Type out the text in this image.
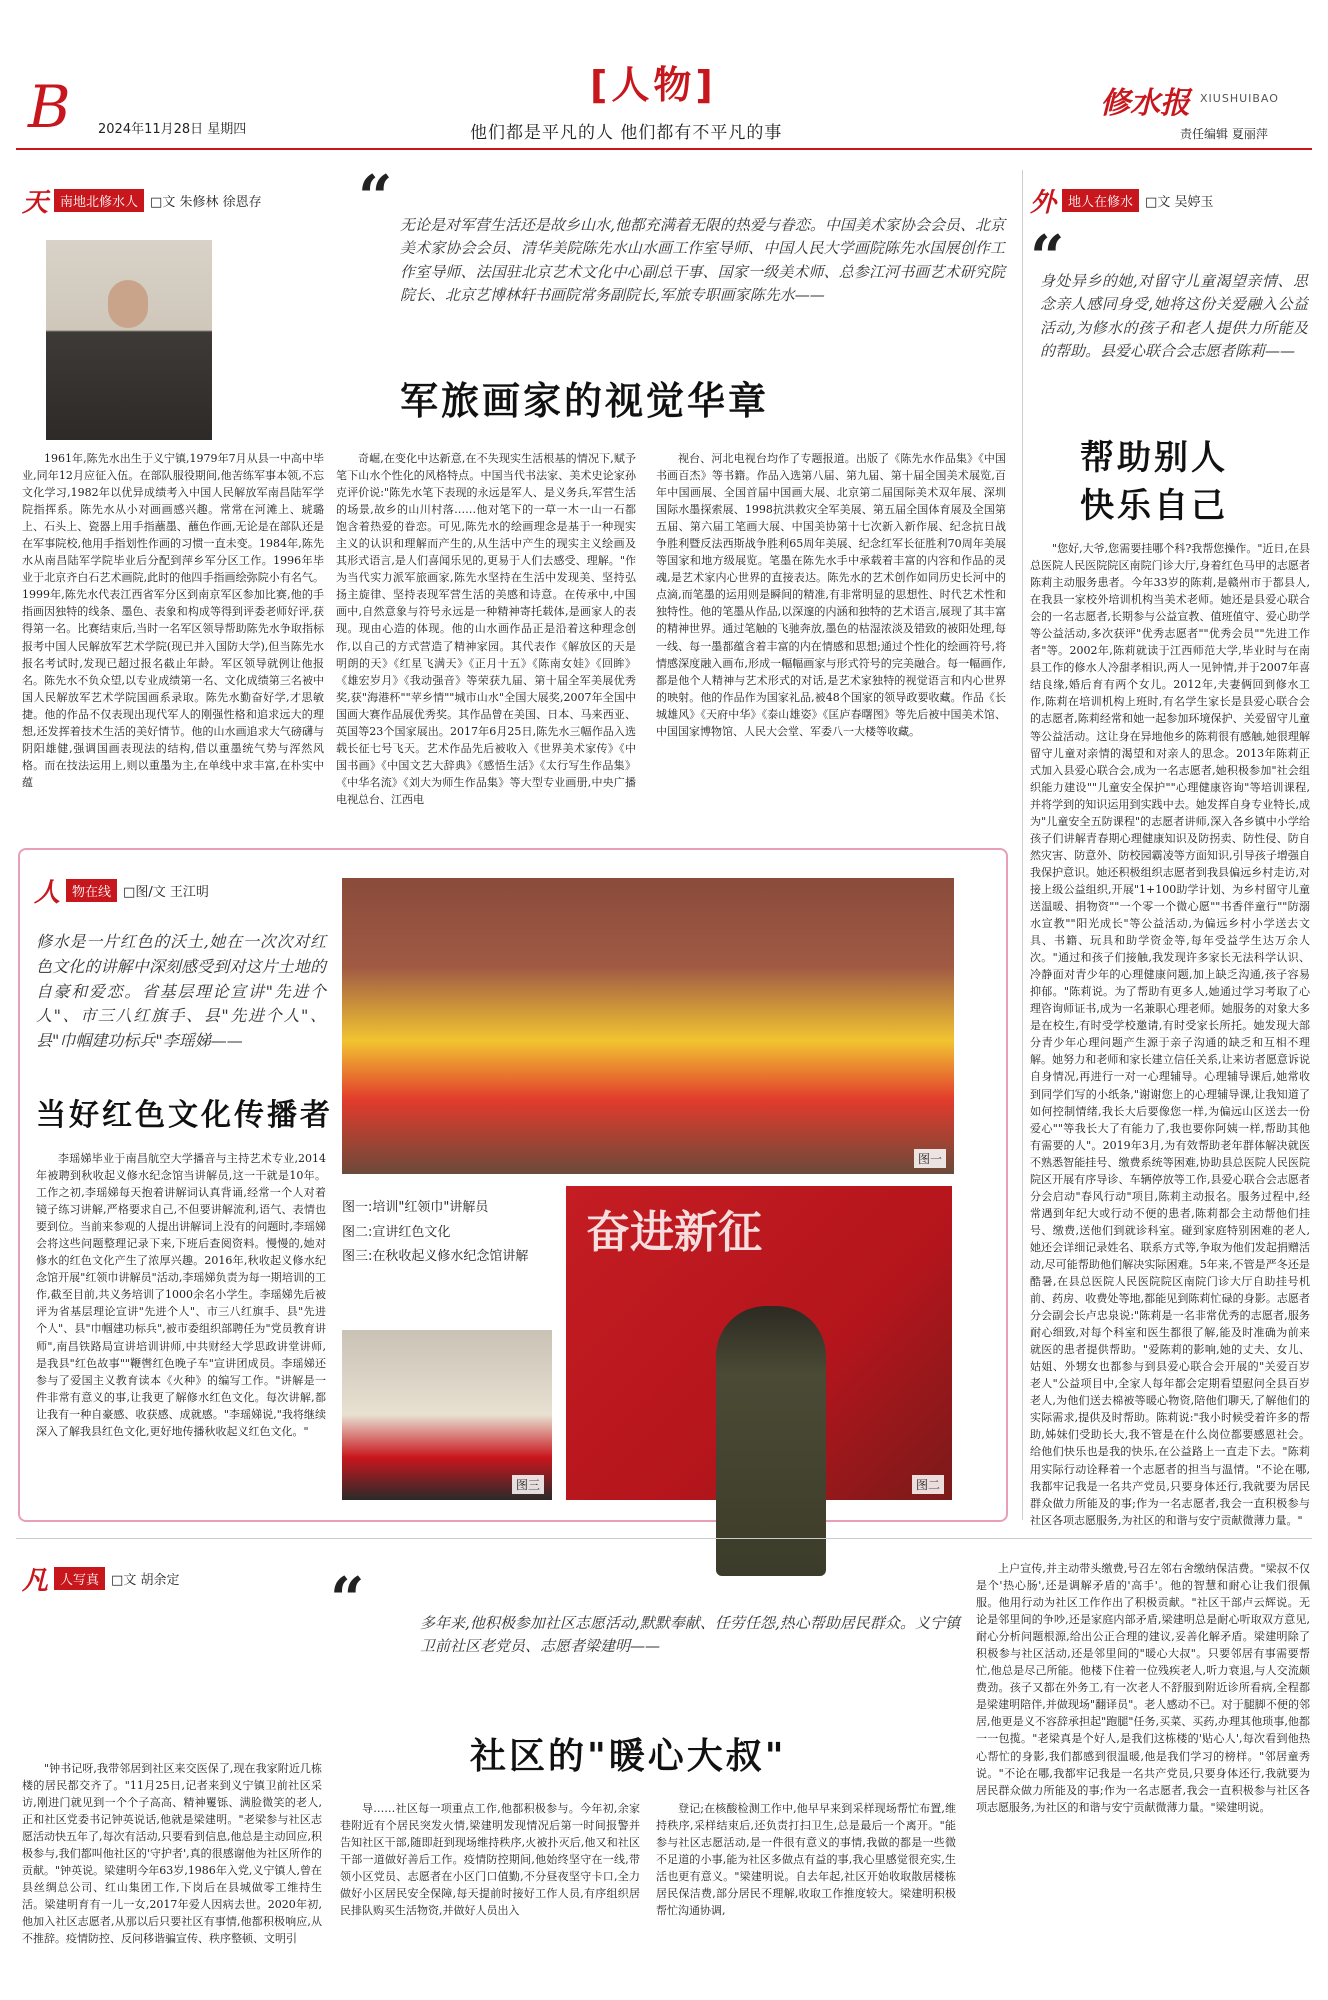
B 2024年11月28日 星期四
[人物]
他们都是平凡的人 他们都有不平凡的事
修水报 XIUSHUIBAO
责任编辑 夏丽萍
天 南地北修水人 □文 朱修林 徐恩存 “ 无论是对军营生活还是故乡山水,他都充满着无限的热爱与眷恋。中国美术家协会会员、北京美术家协会会员、清华美院陈先水山水画工作室导师、中国人民大学画院陈先水国展创作工作室导师、法国驻北京艺术文化中心副总干事、国家一级美术师、总参江河书画艺术研究院院长、北京艺博林轩书画院常务副院长,军旅专职画家陈先水——
军旅画家的视觉华章
1961年,陈先水出生于义宁镇,1979年7月从县一中高中毕业,同年12月应征入伍。在部队服役期间,他苦练军事本领,不忘文化学习,1982年以优异成绩考入中国人民解放军南昌陆军学院指挥系。陈先水从小对画画感兴趣。常常在河滩上、琥璐上、石头上、瓷器上用手指蘸墨、蘸色作画,无论是在部队还是在军事院校,他用手指划性作画的习惯一直未变。1984年,陈先水从南昌陆军学院毕业后分配到萍乡军分区工作。1996年毕业于北京齐白石艺术画院,此时的他四手指画绘弥院小有名气。1999年,陈先水代表江西省军分区到南京军区参加比赛,他的手指画因独特的线条、墨色、表象和构成等得到评委老师好评,获得第一名。比赛结束后,当时一名军区领导帮助陈先水争取指标报考中国人民解放军艺术学院(现已并入国防大学),但当陈先水报名考试时,发现已超过报名截止年龄。军区领导就例让他报名。陈先水不负众望,以专业成绩第一名、文化成绩第三名被中国人民解放军艺术学院国画系录取。陈先水勤奋好学,才思敏捷。他的作品不仅表现出现代军人的刚强性格和追求远大的理想,还发挥着技术生活的美好情节。他的山水画追求大气磅礴与阴阳雄健,强调国画表现法的结构,借以重墨统气势与浑然风格。而在技法运用上,则以重墨为主,在单线中求丰富,在朴实中蕴
奇崛,在变化中达新意,在不失现实生活根基的情况下,赋予笔下山水个性化的风格特点。中国当代书法家、美术史论家孙克评价说:"陈先水笔下表现的永远是军人、是义务兵,军营生活的场景,故乡的山川村落……他对笔下的一草一木一山一石都饱含着热爱的眷恋。可见,陈先水的绘画理念是基于一种现实主义的认识和理解而产生的,从生活中产生的现实主义绘画及其形式语言,是人们喜闻乐见的,更易于人们去感受、理解。"作为当代实力派军旅画家,陈先水坚持在生活中发现美、坚持弘扬主旋律、坚持表现军营生活的美感和诗意。在传承中,中国画中,自然意象与符号永远是一种精神寄托载体,是画家人的表现。现由心造的体现。他的山水画作品正是沿着这种理念创作,以自己的方式营造了精神家园。其代表作《解放区的天是明朗的天》《红星飞满天》《正月十五》《陈南女娃》《回眸》《雄宏岁月》《我动强音》等荣获九届、第十届全军美展优秀奖,获"海港杯""苹乡情""城市山水"全国大展奖,2007年全国中国画大赛作品展优秀奖。其作品曾在美国、日本、马来西亚、英国等23个国家展出。2017年6月25日,陈先水三幅作品入选载长征七号飞天。艺术作品先后被收入《世界美术家传》《中国书画》《中国文艺大辞典》《感悟生活》《太行写生作品集》《中华名流》《刘大为师生作品集》等大型专业画册,中央广播电视总台、江西电
视台、河北电视台均作了专题报道。出版了《陈先水作品集》《中国书画百杰》等书籍。作品入选第八届、第九届、第十届全国美术展览,百年中国画展、全国首届中国画大展、北京第二届国际美术双年展、深圳国际水墨探索展、1998抗洪救灾全军美展、第五届全国体育展及全国第五届、第六届工笔画大展、中国美协第十七次新入新作展、纪念抗日战争胜利暨反法西斯战争胜利65周年美展、纪念红军长征胜利70周年美展等国家和地方级展览。笔墨在陈先水手中承载着丰富的内容和作品的灵魂,是艺术家内心世界的直接表达。陈先水的艺术创作如同历史长河中的点滴,而笔墨的运用则是瞬间的精准,有非常明显的思想性、时代艺术性和独特性。他的笔墨从作品,以深邃的内涵和独特的艺术语言,展现了其丰富的精神世界。通过笔触的飞驰奔放,墨色的枯湿浓淡及错致的被阳处理,每一线、每一墨都蕴含着丰富的内在情感和思想;通过个性化的绘画符号,将情感深度融入画布,形成一幅幅画家与形式符号的完美融合。每一幅画作,都是他个人精神与艺术形式的对话,是艺术家独特的视觉语言和内心世界的映射。他的作品作为国家礼品,被48个国家的领导政要收藏。作品《长城雄风》《天府中华》《泰山雄姿》《匡庐春曙图》等先后被中国美术馆、中国国家博物馆、人民大会堂、军委八一大楼等收藏。
外 地人在修水 □文 吴婷玉
“
身处异乡的她,对留守儿童渴望亲情、思念亲人感同身受,她将这份关爱融入公益活动,为修水的孩子和老人提供力所能及的帮助。县爱心联合会志愿者陈莉——
帮助别人
快乐自己
"您好,大爷,您需要挂哪个科?我帮您操作。"近日,在县总医院人民医院院区南院门诊大厅,身着红色马甲的志愿者陈莉主动服务患者。今年33岁的陈莉,是赣州市于都县人,在我县一家校外培训机构当美术老师。她还是县爱心联合会的一名志愿者,长期参与公益宣教、值班值守、爱心助学等公益活动,多次获评"优秀志愿者""优秀会员""先进工作者"等。2002年,陈莉就读于江西师范大学,毕业时与在南县工作的修水人冷甜孝相识,两人一见钟情,并于2007年喜结良缘,婚后育有两个女儿。2012年,夫妻俩回到修水工作,陈莉在培训机构上班时,有名学生家长是县爱心联合会的志愿者,陈莉经常和她一起参加环境保护、关爱留守儿童等公益活动。这让身在异地他乡的陈莉很有感触,她很理解留守儿童对亲情的渴望和对亲人的思念。2013年陈莉正式加入县爱心联合会,成为一名志愿者,她积极参加"社会组织能力建设""儿童安全保护""心理健康咨询"等培训课程,并将学到的知识运用到实践中去。她发挥自身专业特长,成为"儿童安全五防课程"的志愿者讲师,深入各乡镇中小学给孩子们讲解青春期心理健康知识及防拐卖、防性侵、防自然灾害、防意外、防校园霸凌等方面知识,引导孩子增强自我保护意识。她还积极组织志愿者到我县偏远乡村走访,对接上级公益组织,开展"1+100助学计划、为乡村留守儿童送温暖、捐物资""一个零一个微心愿""书香伴童行""防溺水宣教""阳光成长"等公益活动,为偏远乡村小学送去文具、书籍、玩具和助学资金等,每年受益学生达万余人次。"通过和孩子们接触,我发现许多家长无法科学认识、冷静面对青少年的心理健康问题,加上缺乏沟通,孩子容易抑郁。"陈莉说。为了帮助有更多人,她通过学习考取了心理咨询师证书,成为一名兼职心理老师。她服务的对象大多是在校生,有时受学校邀请,有时受家长所托。她发现大部分青少年心理问题产生源于亲子沟通的缺乏和互相不理解。她努力和老师和家长建立信任关系,让来访者愿意诉说自身情况,再进行一对一心理辅导。心理辅导课后,她常收到同学们写的小纸条,"谢谢您上的心理辅导课,让我知道了如何控制情绪,我长大后要像您一样,为偏远山区送去一份爱心""等我长大了有能力了,我也要你阿姨一样,帮助其他有需要的人"。2019年3月,为有效帮助老年群体解决就医不熟悉智能挂号、缴费系统等困难,协助县总医院人民医院院区开展有序导诊、车辆停放等工作,县爱心联合会志愿者分会启动"春风行动"项目,陈莉主动报名。服务过程中,经常遇到年纪大或行动不便的患者,陈莉都会主动帮他们挂号、缴费,送他们到就诊科室。碰到家庭特别困难的老人,她还会详细记录姓名、联系方式等,争取为他们发起捐赠活动,尽可能帮助他们解决实际困难。5年来,不管是严冬还是酷暑,在县总医院人民医院院区南院门诊大厅自助挂号机前、药房、收费处等地,都能见到陈莉忙碌的身影。志愿者分会副会长卢忠泉说:"陈莉是一名非常优秀的志愿者,服务耐心细致,对每个科室和医生都很了解,能及时准确为前来就医的患者提供帮助。"爱陈莉的影响,她的丈夫、女儿、姑姐、外甥女也都参与到县爱心联合会开展的"关爱百岁老人"公益项目中,全家人每年都会定期看望慰问全县百岁老人,为他们送去棉被等暖心物资,陪他们聊天,了解他们的实际需求,提供及时帮助。陈莉说:"我小时候受着许多的帮助,姊妹们受助长大,我不管是在什么岗位都要感恩社会。给他们快乐也是我的快乐,在公益路上一直走下去。"陈莉用实际行动诠释着一个志愿者的担当与温情。"不论在哪,我都牢记我是一名共产党员,只要身体还行,我就要为居民群众做力所能及的事;作为一名志愿者,我会一直积极参与社区各项志愿服务,为社区的和谐与安宁贡献微薄力量。"
人 物在线 □图/文 王江明
修水是一片红色的沃土,她在一次次对红色文化的讲解中深刻感受到对这片土地的自豪和爱恋。省基层理论宣讲"先进个人"、市三八红旗手、县"先进个人"、县"巾帼建功标兵"李瑶娣——
当好红色文化传播者
李瑶娣毕业于南昌航空大学播音与主持艺术专业,2014年被聘到秋收起义修水纪念馆当讲解员,这一干就是10年。工作之初,李瑶娣每天抱着讲解词认真背诵,经常一个人对着镜子练习讲解,严格要求自己,不但要讲解流利,语气、表情也要到位。当前来参观的人提出讲解词上没有的问题时,李瑶娣会将这些问题整理记录下来,下班后查阅资料。慢慢的,她对修水的红色文化产生了浓厚兴趣。2016年,秋收起义修水纪念馆开展"红领巾讲解员"活动,李瑶娣负责为每一期培训的工作,截至目前,共义务培训了1000余名小学生。李瑶娣先后被评为省基层理论宣讲"先进个人"、市三八红旗手、县"先进个人"、县"巾帼建功标兵",被市委组织部聘任为"党员教育讲师",南昌铁路局宣讲培训讲师,中共财经大学思政讲堂讲师,是我县"红色故事""鞭辔红色晚子车"宣讲团成员。李瑶娣还参与了爱国主义教育读本《火种》的编写工作。"讲解是一件非常有意义的事,让我更了解修水红色文化。每次讲解,都让我有一种自豪感、收获感、成就感。"李瑶娣说,"我将继续深入了解我县红色文化,更好地传播秋收起义红色文化。"
图一
图一:培训"红领巾"讲解员
图二:宣讲红色文化
图三:在秋收起义修水纪念馆讲解
图三
奋进新征
图二
凡 人写真 □文 胡余定	“	多年来,他积极参加社区志愿活动,默默奉献、任劳任怨,热心帮助居民群众。义宁镇卫前社区老党员、志愿者梁建明——
社区的"暖心大叔"
"钟书记呀,我带邻居到社区来交医保了,现在我家附近几栋楼的居民都交齐了。"11月25日,记者来到义宁镇卫前社区采访,刚进门就见到一个个子高高、精神矍铄、满脸微笑的老人,正和社区党委书记钟英说话,他就是梁建明。"老梁参与社区志愿活动快五年了,每次有活动,只要看到信息,他总是主动回应,积极参与,我们都叫他社区的'守护者',真的很感谢他为社区所作的贡献。"钟英说。梁建明今年63岁,1986年入党,义宁镇人,曾在县丝绸总公司、红山集团工作,下岗后在县城做零工维持生活。梁建明育有一儿一女,2017年爱人因病去世。2020年初,他加入社区志愿者,从那以后只要社区有事情,他都积极响应,从不推辞。疫情防控、反问移谐骗宣传、秩序整顿、文明引
导……社区每一项重点工作,他都积极参与。今年初,余家巷附近有个居民突发火情,梁建明发现情况后第一时间报警并告知社区干部,随即赶到现场维持秩序,火被扑灭后,他又和社区干部一道做好善后工作。疫情防控期间,他始终坚守在一线,带领小区党员、志愿者在小区门口值勤,不分昼夜坚守卡口,全力做好小区居民安全保障,每天提前时接好工作人员,有序组织居民排队购买生活物资,并做好人员出入
登记;在核酸检测工作中,他早早来到采样现场帮忙布置,维持秩序,采样结束后,还负责打扫卫生,总是最后一个离开。"能参与社区志愿活动,是一件很有意义的事情,我做的都是一些微不足道的小事,能为社区多做点有益的事,我心里感觉很充实,生活也更有意义。"梁建明说。自去年起,社区开始收取散居楼栋居民保洁费,部分居民不理解,收取工作推度较大。梁建明积极帮忙沟通协调,
上户宣传,并主动带头缴费,号召左邻右舍缴纳保洁费。"梁叔不仅是个'热心肠',还是调解矛盾的'高手'。他的智慧和耐心让我们很佩服。他用行动为社区工作作出了积极贡献。"社区干部卢云辉说。无论是邻里间的争吵,还是家庭内部矛盾,梁建明总是耐心听取双方意见,耐心分析问题根源,给出公正合理的建议,妥善化解矛盾。梁建明除了积极参与社区活动,还是邻里间的"暖心大叔"。只要邻居有事需要帮忙,他总是尽己所能。他楼下住着一位残疾老人,听力衰退,与人交流颇费劲。孩子又都在外务工,有一次老人不舒服到附近诊所看病,全程都是梁建明陪伴,并做现场"翻译员"。老人感动不已。对于腿脚不便的邻居,他更是义不容辞承担起"跑腿"任务,买菜、买药,办理其他琐事,他都一一包揽。"老梁真是个好人,是我们这栋楼的'贴心人',每次看到他热心帮忙的身影,我们都感到很温暖,他是我们学习的榜样。"邻居童秀说。"不论在哪,我都牢记我是一名共产党员,只要身体还行,我就要为居民群众做力所能及的事;作为一名志愿者,我会一直积极参与社区各项志愿服务,为社区的和谐与安宁贡献微薄力量。"梁建明说。
